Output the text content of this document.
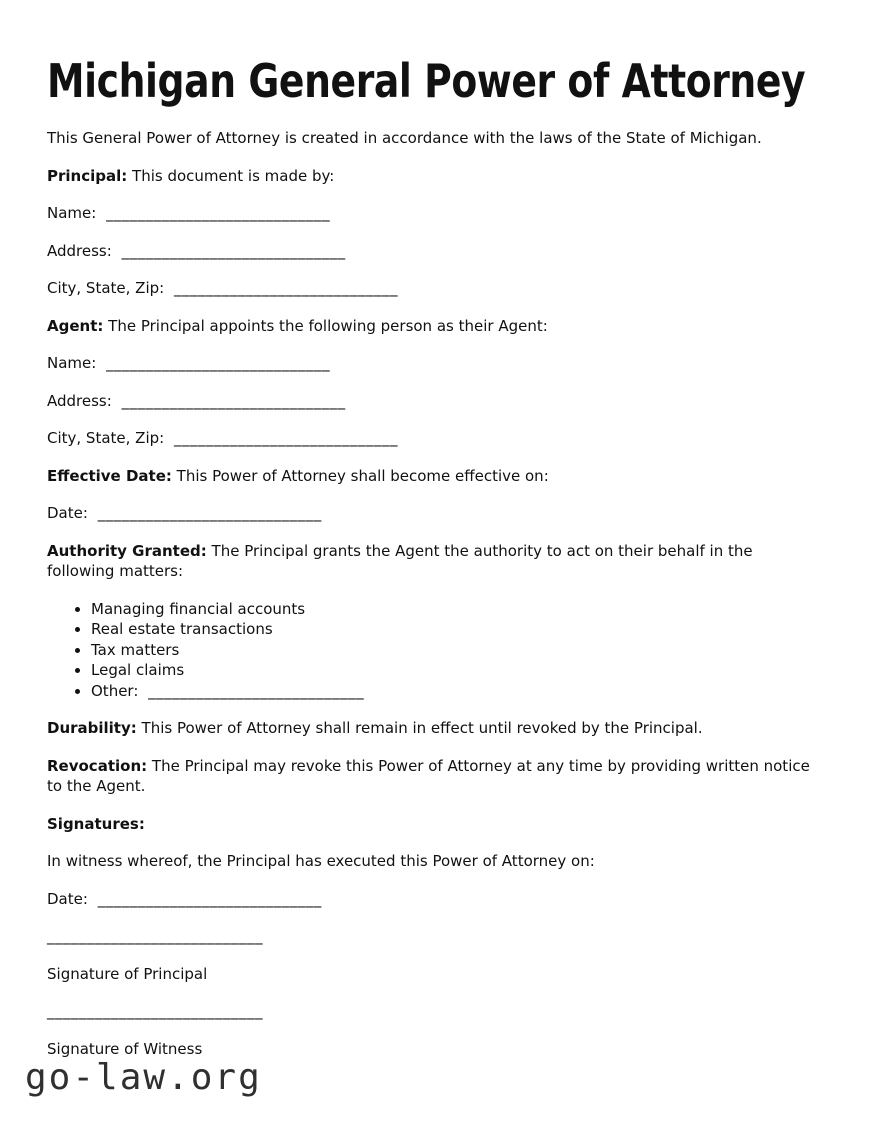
Michigan General Power of Attorney

This General Power of Attorney is created in accordance with the laws of the State of Michigan.

Principal: This document is made by:

Name: ____________________________

Address: ____________________________

City, State, Zip: ____________________________

Agent: The Principal appoints the following person as their Agent:

Name: ____________________________

Address: ____________________________

City, State, Zip: ____________________________

Effective Date: This Power of Attorney shall become effective on:

Date: ____________________________

Authority Granted: The Principal grants the Agent the authority to act on their behalf in the following matters:

• Managing financial accounts
• Real estate transactions
• Tax matters
• Legal claims
• Other: ___________________________

Durability: This Power of Attorney shall remain in effect until revoked by the Principal.

Revocation: The Principal may revoke this Power of Attorney at any time by providing written notice to the Agent.

Signatures:

In witness whereof, the Principal has executed this Power of Attorney on:

Date: ____________________________

___________________________

Signature of Principal

___________________________

Signature of Witness

go-law.org
